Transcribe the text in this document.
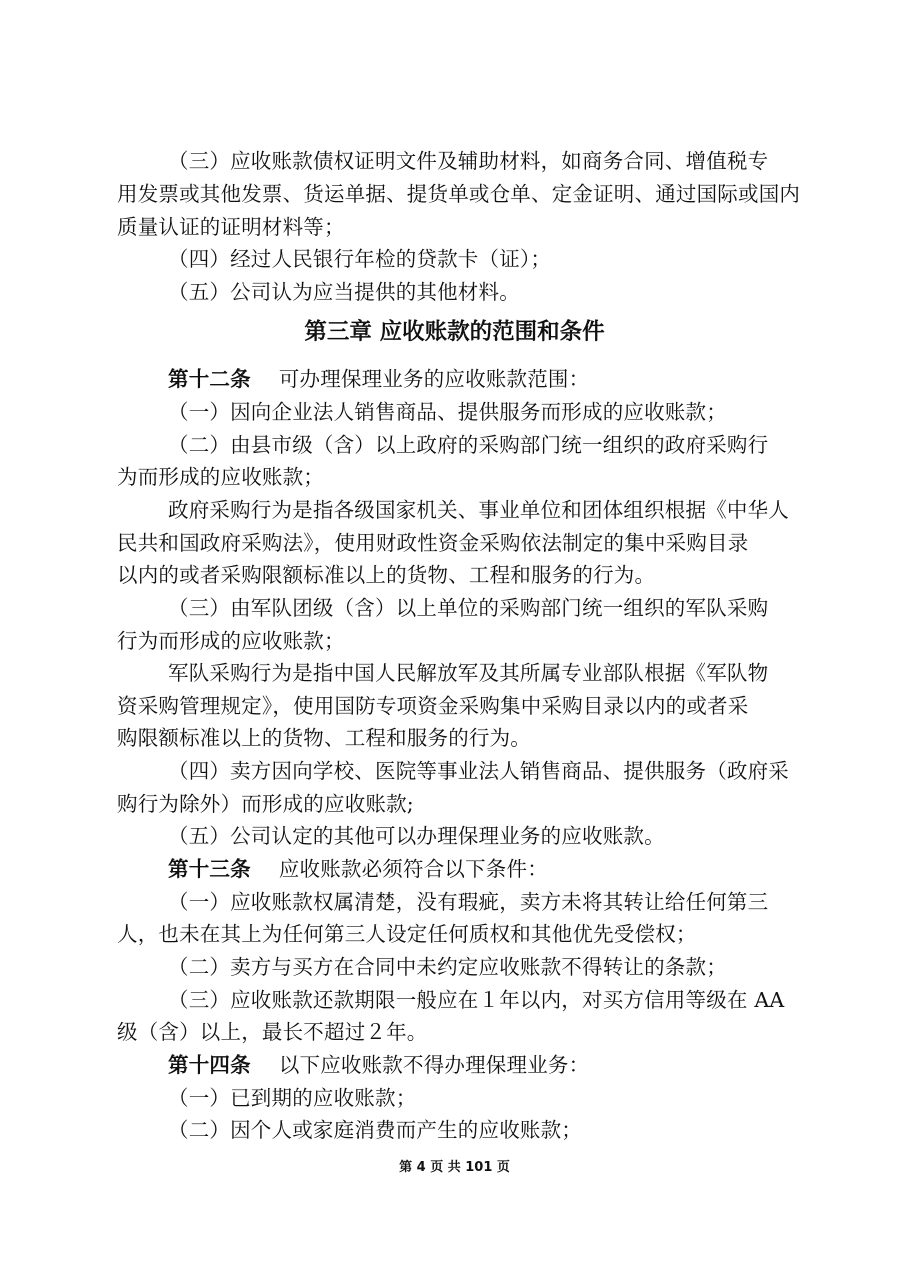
（三）应收账款债权证明文件及辅助材料，如商务合同、增值税专
用发票或其他发票、货运单据、提货单或仓单、定金证明、通过国际或国内
质量认证的证明材料等；
（四）经过人民银行年检的贷款卡（证）；
（五）公司认为应当提供的其他材料。
第三章 应收账款的范围和条件
第十二条 可办理保理业务的应收账款范围：
（一）因向企业法人销售商品、提供服务而形成的应收账款；
（二）由县市级（含）以上政府的采购部门统一组织的政府采购行
为而形成的应收账款；
政府采购行为是指各级国家机关、事业单位和团体组织根据《中华人
民共和国政府采购法》，使用财政性资金采购依法制定的集中采购目录
以内的或者采购限额标准以上的货物、工程和服务的行为。
（三）由军队团级（含）以上单位的采购部门统一组织的军队采购
行为而形成的应收账款；
军队采购行为是指中国人民解放军及其所属专业部队根据《军队物
资采购管理规定》，使用国防专项资金采购集中采购目录以内的或者采
购限额标准以上的货物、工程和服务的行为。
（四）卖方因向学校、医院等事业法人销售商品、提供服务（政府采
购行为除外）而形成的应收账款;
（五）公司认定的其他可以办理保理业务的应收账款。
第十三条 应收账款必须符合以下条件：
（一）应收账款权属清楚，没有瑕疵，卖方未将其转让给任何第三
人，也未在其上为任何第三人设定任何质权和其他优先受偿权；
（二）卖方与买方在合同中未约定应收账款不得转让的条款；
（三）应收账款还款期限一般应在１年以内，对买方信用等级在 AA
级（含）以上，最长不超过２年。
第十四条 以下应收账款不得办理保理业务：
（一）已到期的应收账款；
（二）因个人或家庭消费而产生的应收账款；
第 4 页 共 101 页
